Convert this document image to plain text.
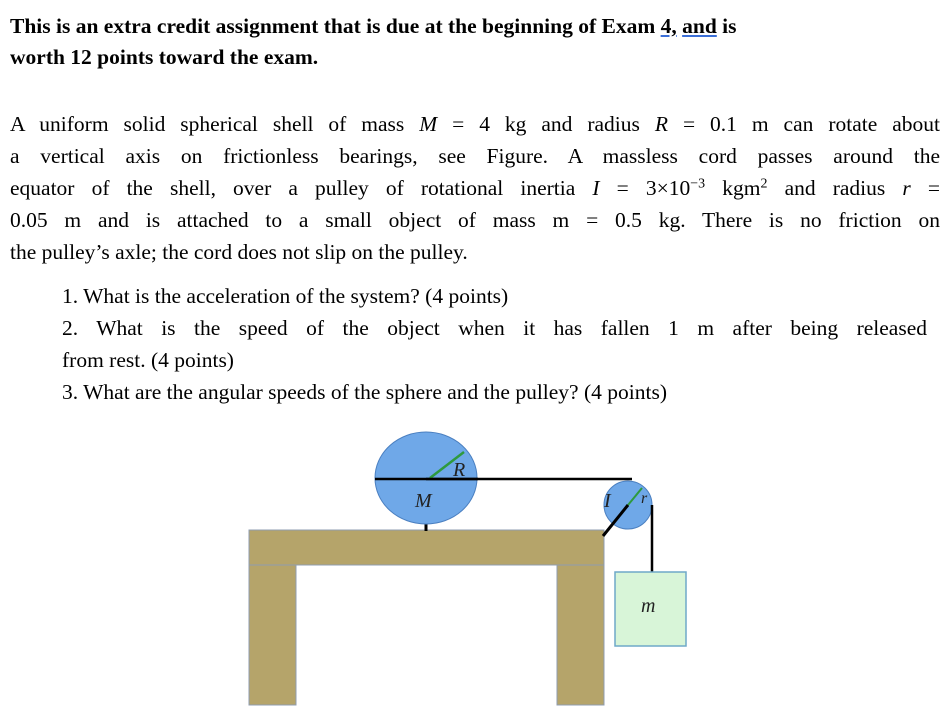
This is an extra credit assignment that is due at the beginning of Exam 4, and is
worth 12 points toward the exam.
A uniform solid spherical shell of mass M = 4 kg and radius R = 0.1 m can rotate about
a vertical axis on frictionless bearings, see Figure. A massless cord passes around the
equator of the shell, over a pulley of rotational inertia $I = 3\times 10^{-3}$ kgm$^2$ and radius r =
0.05 m and is attached to a small object of mass m = 0.5 kg. There is no friction on
the pulley’s axle; the cord does not slip on the pulley.
1. What is the acceleration of the system? (4 points)
2. What is the speed of the object when it has fallen 1 m after being released
from rest. (4 points)
3. What are the angular speeds of the sphere and the pulley? (4 points)
R
M	I r
m
